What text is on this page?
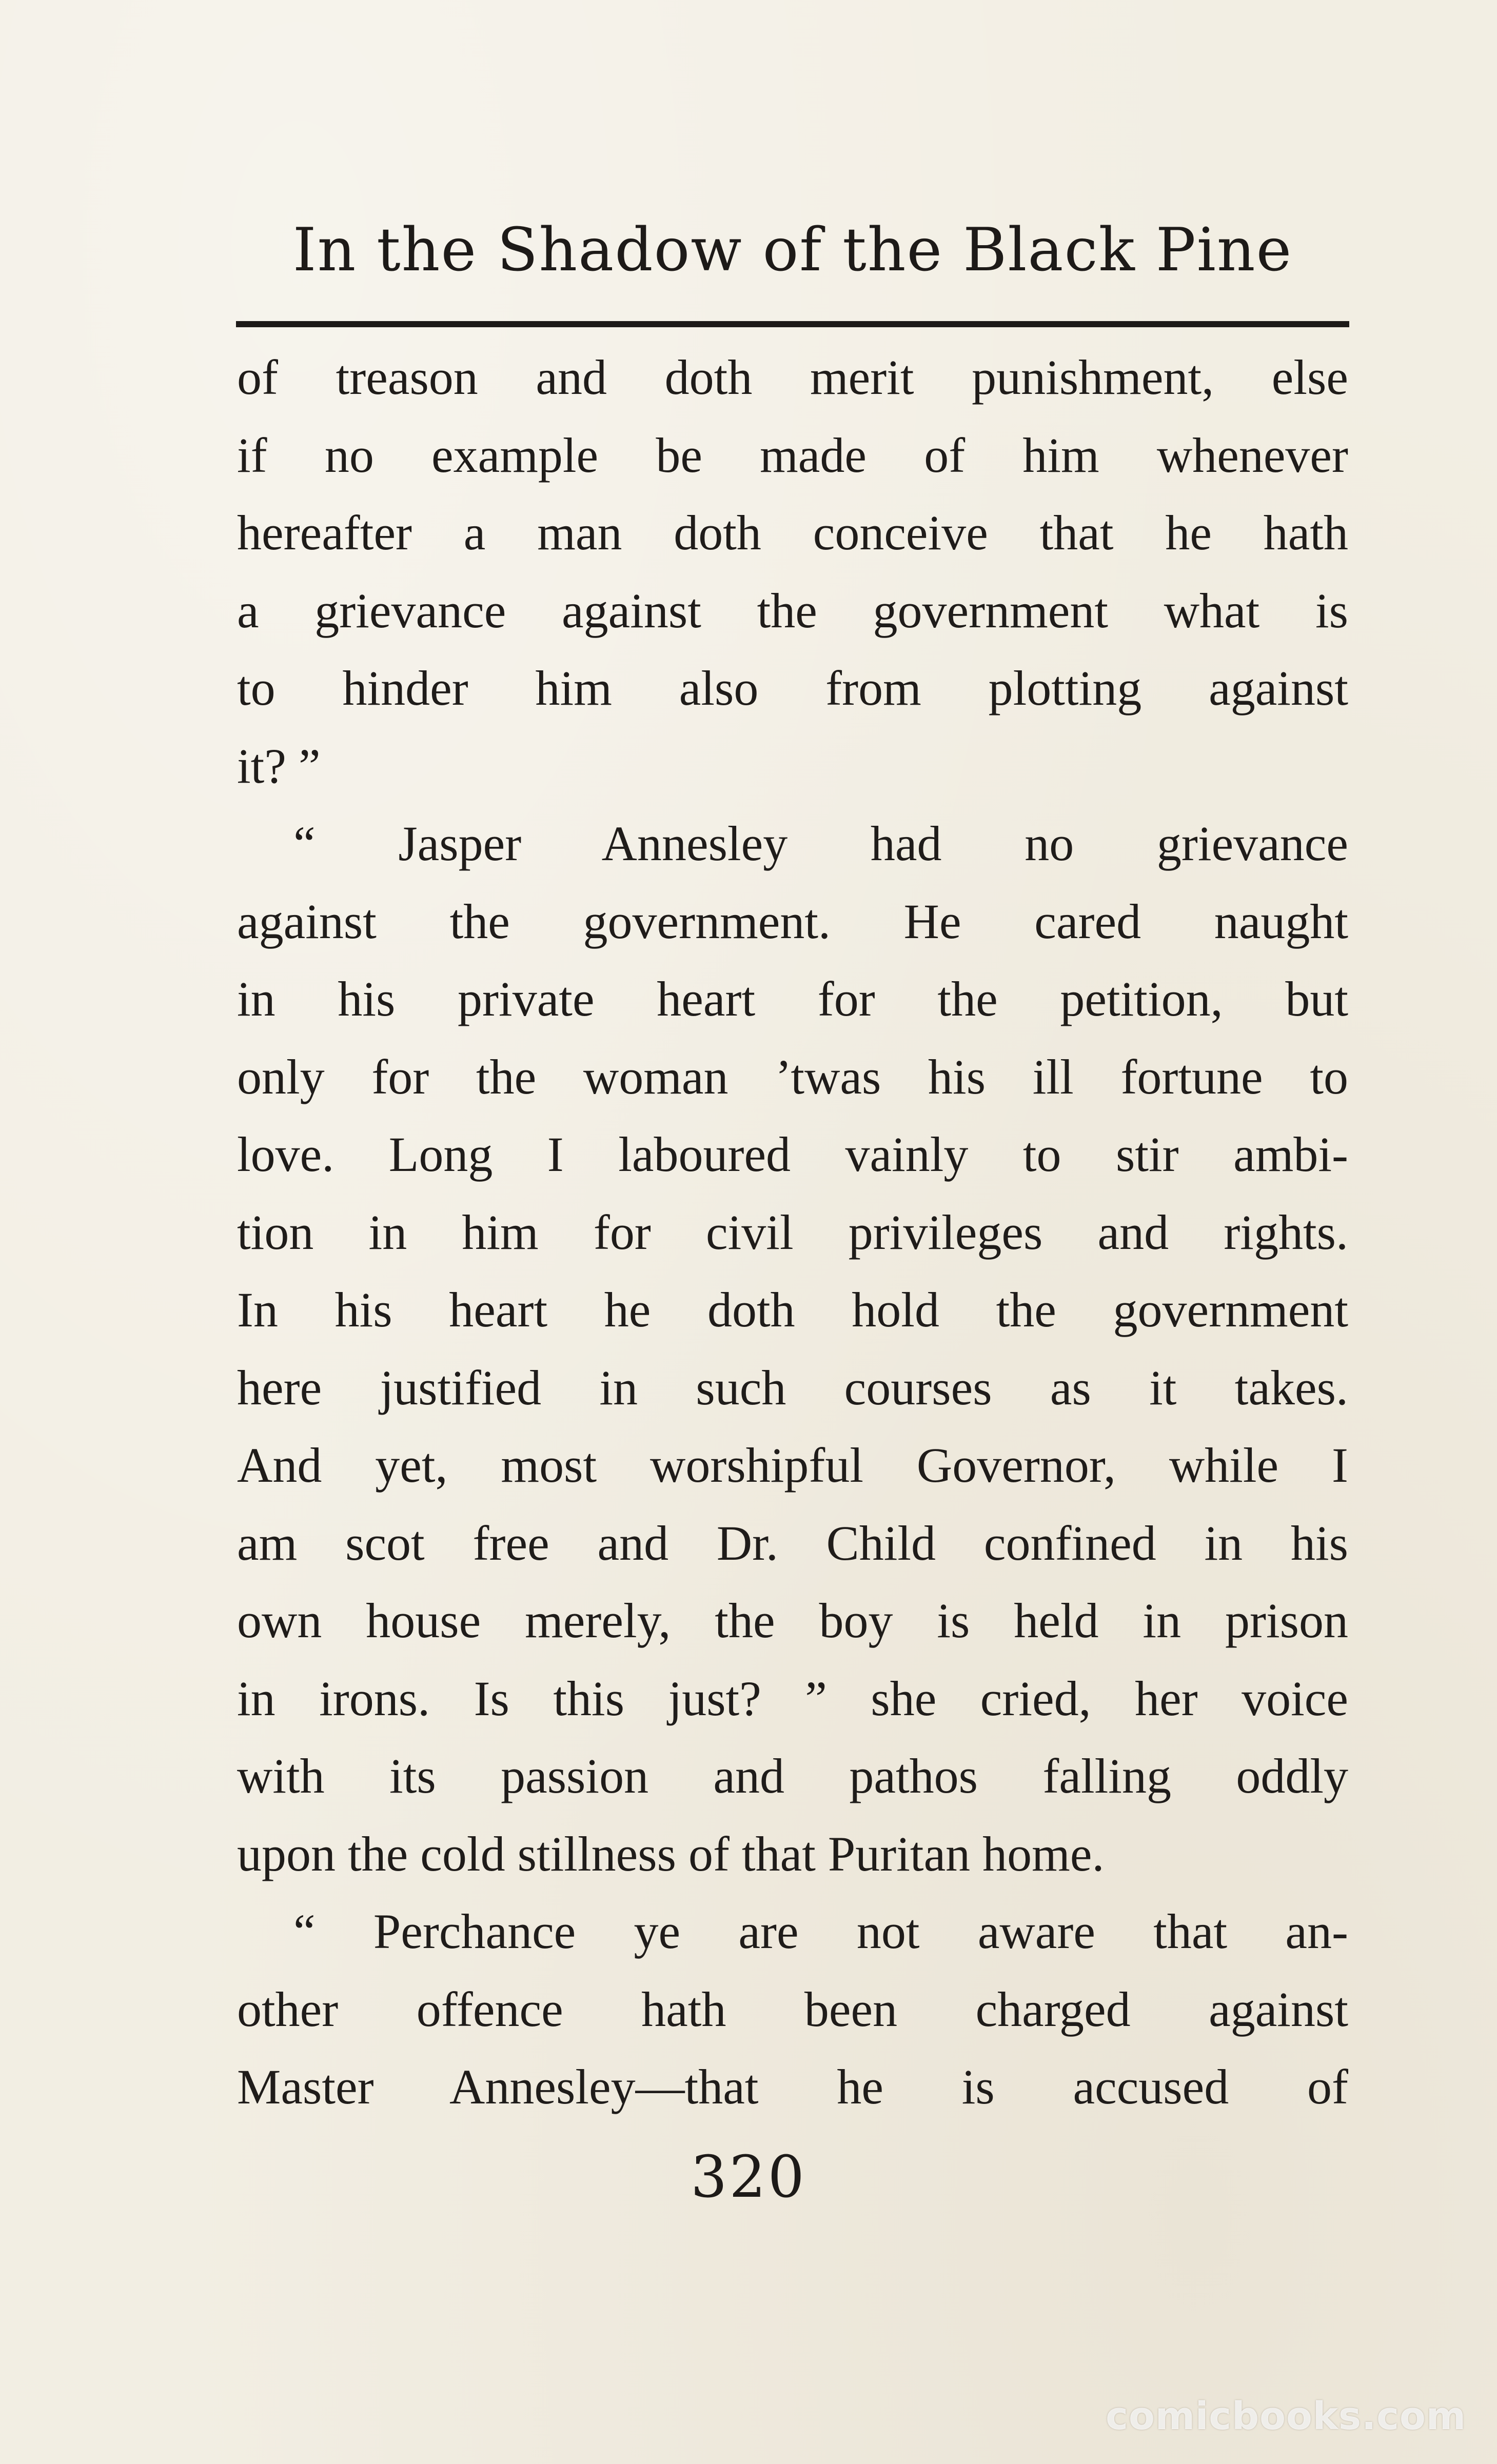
In the Shadow of the Black Pine
of treason and doth merit punishment, else
if no example be made of him whenever
hereafter a man doth conceive that he hath
a grievance against the government what is
to hinder him also from plotting against
it? ”
“ Jasper Annesley had no grievance
against the government. He cared naught
in his private heart for the petition, but
only for the woman ’twas his ill fortune to
love. Long I laboured vainly to stir ambi-
tion in him for civil privileges and rights.
In his heart he doth hold the government
here justified in such courses as it takes.
And yet, most worshipful Governor, while I
am scot free and Dr. Child confined in his
own house merely, the boy is held in prison
in irons. Is this just? ” she cried, her voice
with its passion and pathos falling oddly
upon the cold stillness of that Puritan home.
“ Perchance ye are not aware that an-
other offence hath been charged against
Master Annesley—that he is accused of
320
comicbooks.com
